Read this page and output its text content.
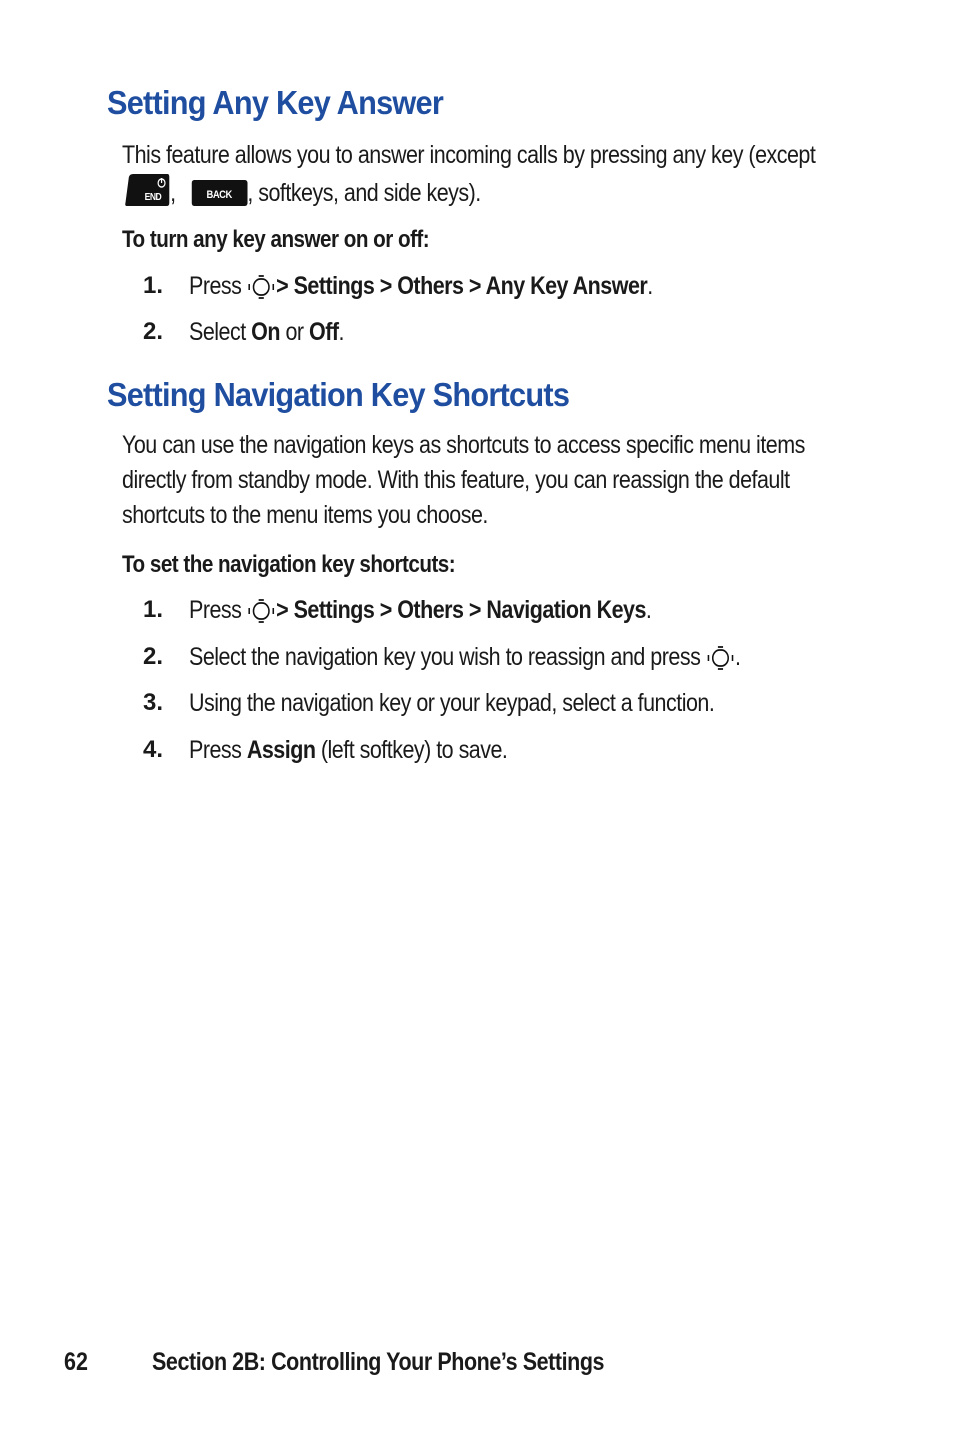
Setting Any Key Answer
This feature allows you to answer incoming calls by pressing any key (except
END ,	BACK , softkeys, and side keys).
To turn any key answer on or off:
1. Press > Settings > Others > Any Key Answer.
2. Select On or Off.
Setting Navigation Key Shortcuts
You can use the navigation keys as shortcuts to access specific menu items
directly from standby mode. With this feature, you can reassign the default
shortcuts to the menu items you choose.
To set the navigation key shortcuts:
1. Press > Settings > Others > Navigation Keys.
2. Select the navigation key you wish to reassign and press .
3. Using the navigation key or your keypad, select a function.
4. Press Assign (left softkey) to save.
62	Section 2B: Controlling Your Phone’s Settings
